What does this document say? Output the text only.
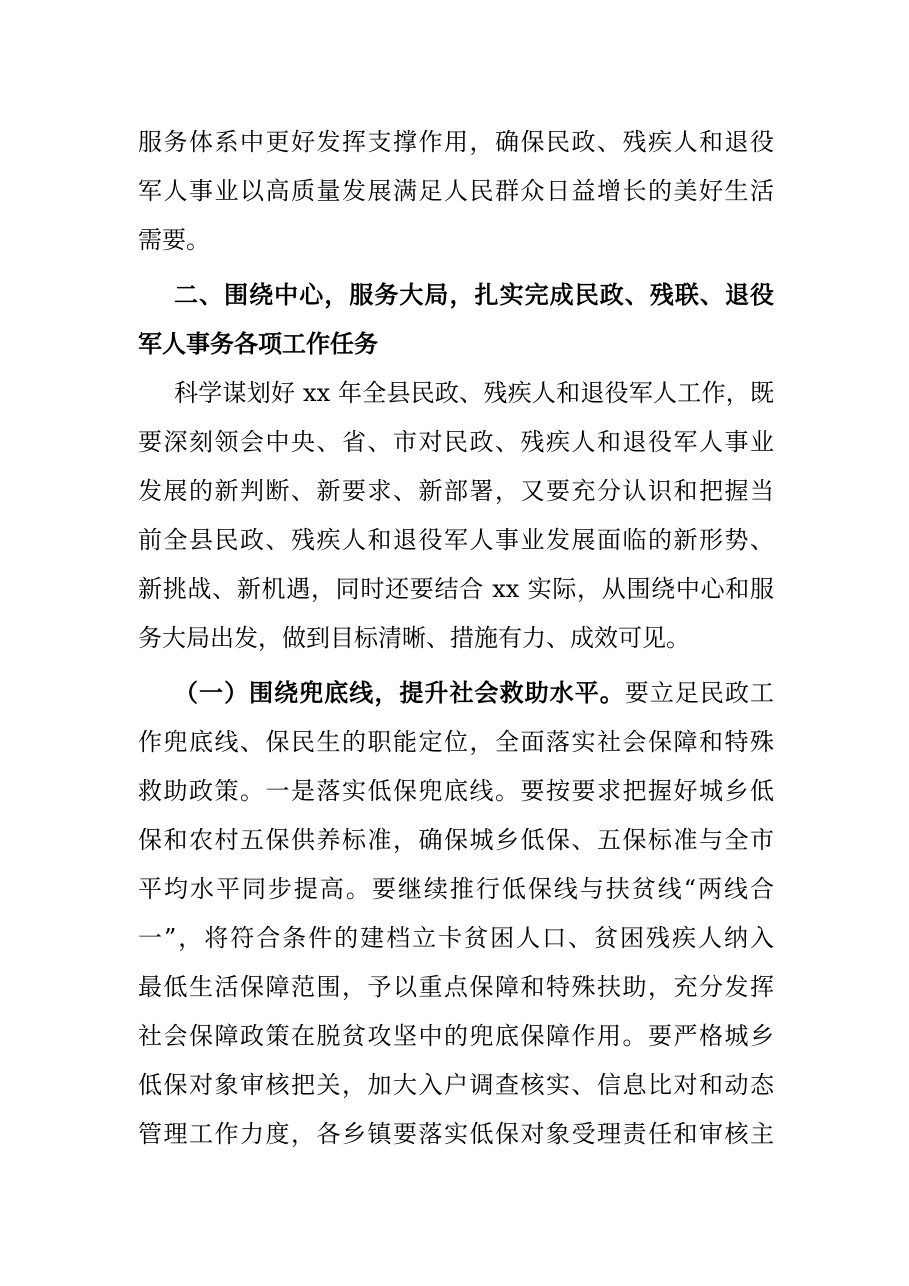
服务体系中更好发挥支撑作用，确保民政、残疾人和退役
军人事业以高质量发展满足人民群众日益增长的美好生活
需要。
二、围绕中心，服务大局，扎实完成民政、残联、退役
军人事务各项工作任务
科学谋划好 xx 年全县民政、残疾人和退役军人工作，既
要深刻领会中央、省、市对民政、残疾人和退役军人事业
发展的新判断、新要求、新部署，又要充分认识和把握当
前全县民政、残疾人和退役军人事业发展面临的新形势、
新挑战、新机遇，同时还要结合 xx 实际，从围绕中心和服
务大局出发，做到目标清晰、措施有力、成效可见。
（一）围绕兜底线，提升社会救助水平。要立足民政工
作兜底线、保民生的职能定位，全面落实社会保障和特殊
救助政策。一是落实低保兜底线。要按要求把握好城乡低
保和农村五保供养标准，确保城乡低保、五保标准与全市
平均水平同步提高。要继续推行低保线与扶贫线“两线合
一”，将符合条件的建档立卡贫困人口、贫困残疾人纳入
最低生活保障范围，予以重点保障和特殊扶助，充分发挥
社会保障政策在脱贫攻坚中的兜底保障作用。要严格城乡
低保对象审核把关，加大入户调查核实、信息比对和动态
管理工作力度，各乡镇要落实低保对象受理责任和审核主
